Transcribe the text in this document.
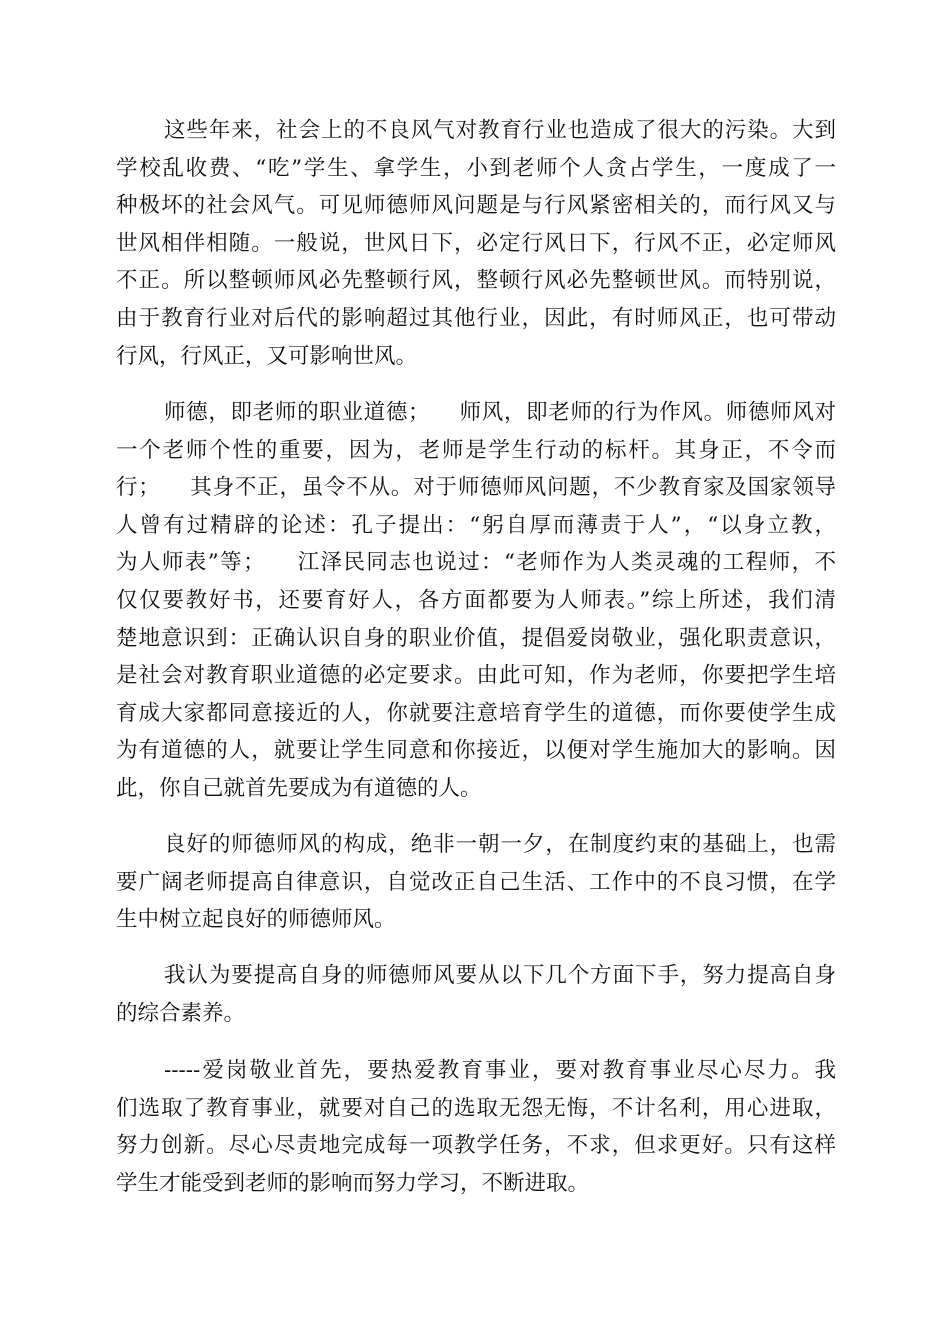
这些年来，社会上的不良风气对教育行业也造成了很大的污染。大到
学校乱收费、“吃”学生、拿学生，小到老师个人贪占学生，一度成了一
种极坏的社会风气。可见师德师风问题是与行风紧密相关的，而行风又与
世风相伴相随。一般说，世风日下，必定行风日下，行风不正，必定师风
不正。所以整顿师风必先整顿行风，整顿行风必先整顿世风。而特别说，
由于教育行业对后代的影响超过其他行业，因此，有时师风正，也可带动
行风，行风正，又可影响世风。
师德，即老师的职业道德；    师风，即老师的行为作风。师德师风对
一个老师个性的重要，因为，老师是学生行动的标杆。其身正，不令而
行；    其身不正，虽令不从。对于师德师风问题，不少教育家及国家领导
人曾有过精辟的论述：孔子提出：“躬自厚而薄责于人”，“以身立教，
为人师表”等；    江泽民同志也说过：“老师作为人类灵魂的工程师，不
仅仅要教好书，还要育好人，各方面都要为人师表。”综上所述，我们清
楚地意识到：正确认识自身的职业价值，提倡爱岗敬业，强化职责意识，
是社会对教育职业道德的必定要求。由此可知，作为老师，你要把学生培
育成大家都同意接近的人，你就要注意培育学生的道德，而你要使学生成
为有道德的人，就要让学生同意和你接近，以便对学生施加大的影响。因
此，你自己就首先要成为有道德的人。
良好的师德师风的构成，绝非一朝一夕，在制度约束的基础上，也需
要广阔老师提高自律意识，自觉改正自己生活、工作中的不良习惯，在学
生中树立起良好的师德师风。
我认为要提高自身的师德师风要从以下几个方面下手，努力提高自身
的综合素养。
-----爱岗敬业首先，要热爱教育事业，要对教育事业尽心尽力。我
们选取了教育事业，就要对自己的选取无怨无悔，不计名利，用心进取，
努力创新。尽心尽责地完成每一项教学任务，不求，但求更好。只有这样
学生才能受到老师的影响而努力学习，不断进取。
